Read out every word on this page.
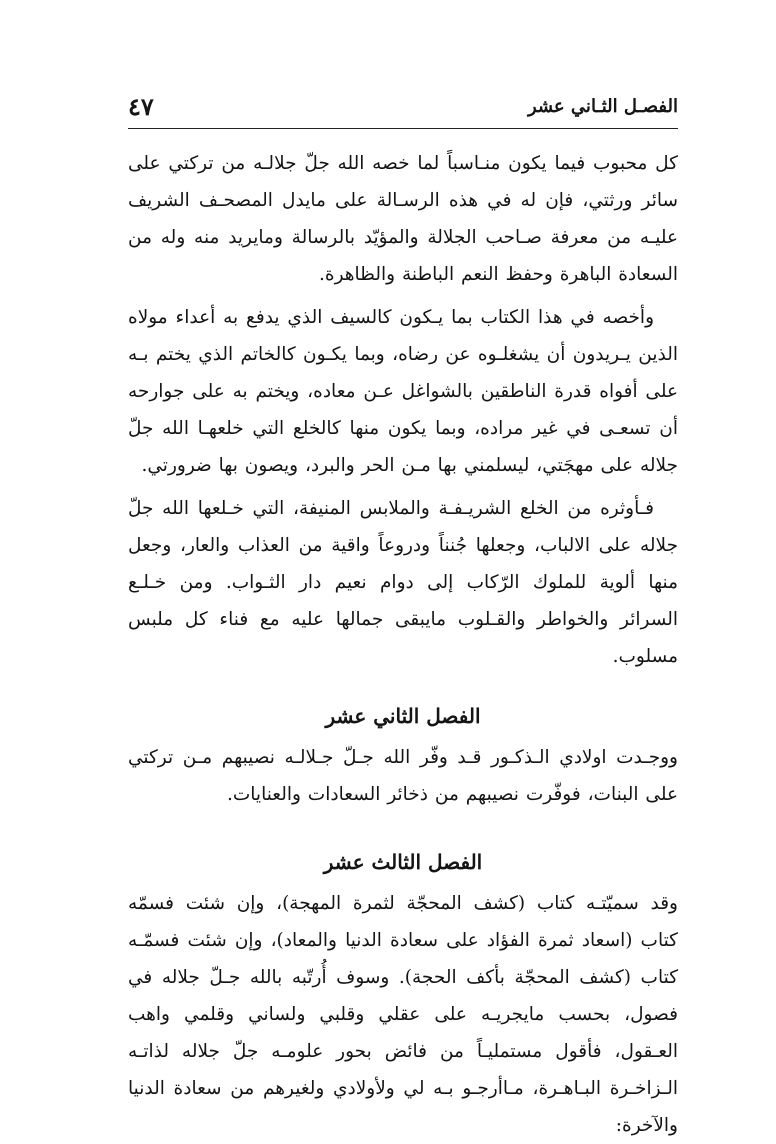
الفصـل الثـاني عشر
٤٧

كل محبوب فيما يكون منـاسباً لما خصه الله جلّ جلالـه من تركتي على سائر ورثتي، فإن له في هذه الرسـالة على مايدل المصحـف الشريف عليـه من معرفة صـاحب الجلالة والمؤيّد بالرسالة ومايريد منه وله من السعادة الباهرة وحفظ النعم الباطنة والظاهرة.

وأخصه في هذا الكتاب بما يـكون كالسيف الذي يدفع به أعداء مولاه الذين يـريدون أن يشغلـوه عن رضاه، وبما يكـون كالخاتم الذي يختم بـه على أفواه قدرة الناطقين بالشواغل عـن معاده، ويختم به على جوارحه أن تسعـى في غير مراده، وبما يكون منها كالخلع التي خلعهـا الله جلّ جلاله على مهجَتي، ليسلمني بها مـن الحر والبرد، ويصون بها ضرورتي.

فـأوثره من الخلع الشريـفـة والملابس المنيفة، التي خـلعها الله جلّ جلاله على الالباب، وجعلها جُنناً ودروعاً واقية من العذاب والعار، وجعل منها ألوية للملوك الرّكاب إلى دوام نعيم دار الثـواب. ومن خـلـع السرائر والخواطر والقـلوب مايبقى جمالها عليه مع فناء كل ملبس مسلوب.

الفصل الثاني عشر

ووجـدت اولادي الـذكـور قـد وفّر الله جـلّ جـلالـه نصيبهم مـن تركتي على البنات، فوفّرت نصيبهم من ذخائر السعادات والعنايات.

الفصل الثالث عشر

وقد سميّتـه كتاب (كشف المحجّة لثمرة المهجة)، وإن شئت فسمّه كتاب (اسعاد ثمرة الفؤاد على سعادة الدنيا والمعاد)، وإن شئت فسمّـه كتاب (كشف المحجّة بأكف الحجة). وسوف أُرتّبه بالله جـلّ جلاله في فصول، بحسب مايجريـه على عقلي وقلبي ولساني وقلمي واهب العـقول، فأقول مستمليـاً من فائض بحور علومـه جلّ جلاله لذاتـه الـزاخـرة البـاهـرة، مـاأرجـو بـه لي ولأولادي ولغيرهم من سعادة الدنيا والآخرة:
